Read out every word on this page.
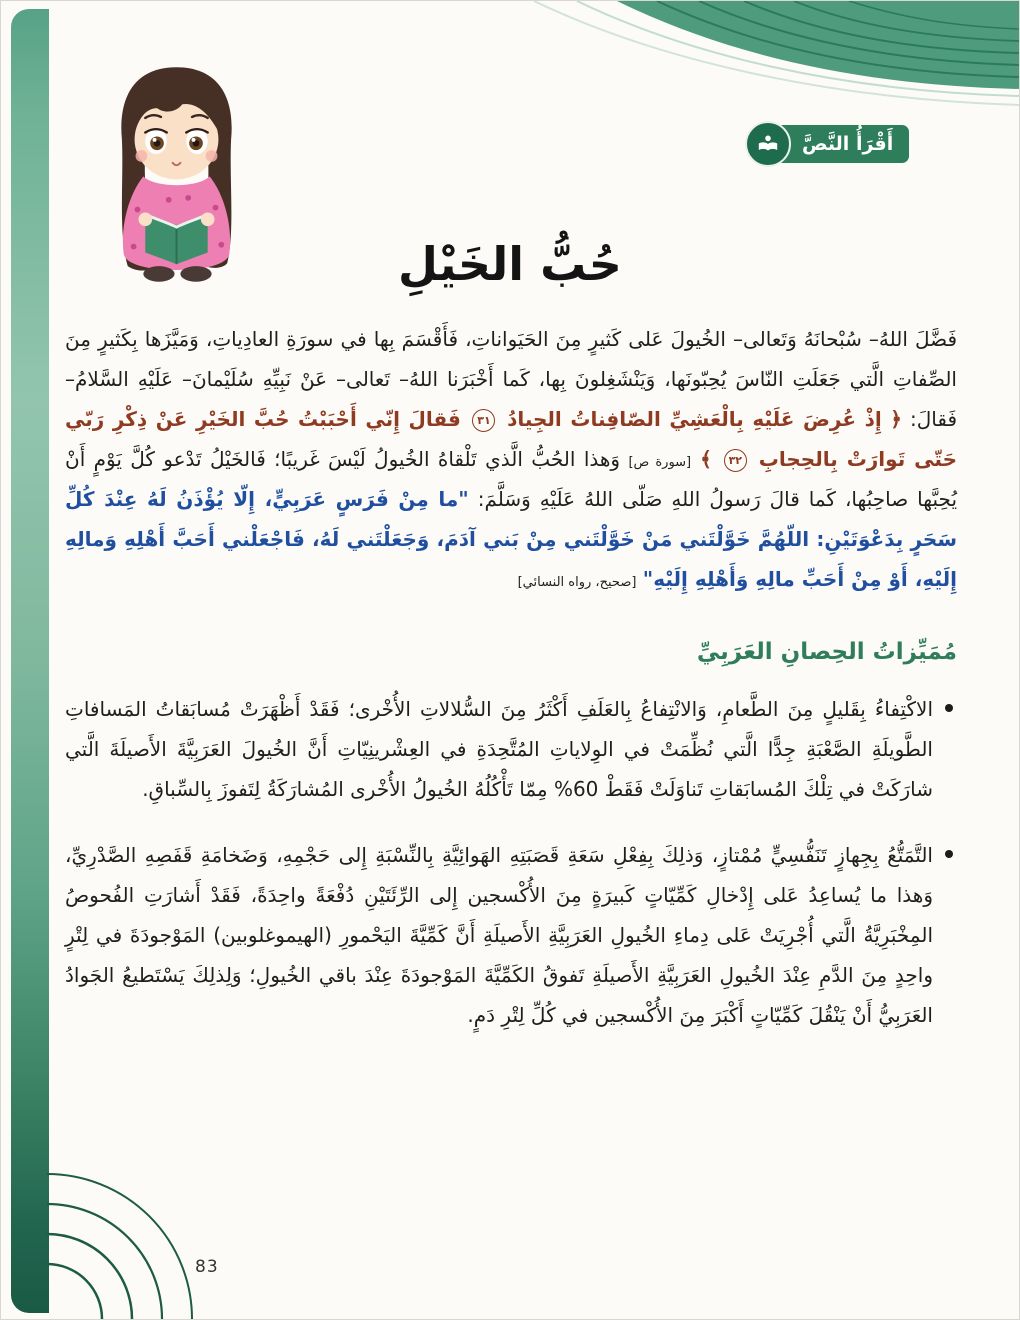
أَقْرَأُ النَّصَّ
حُبُّ الخَيْلِ

فَضَّلَ اللهُ– سُبْحانَهُ وَتَعالى– الخُيولَ عَلى كَثيرٍ مِنَ الحَيَواناتِ، فَأَقْسَمَ بِها في سورَةِ العادِياتِ، وَمَيَّزَها بِكَثيرٍ مِنَ الصِّفاتِ الَّتي جَعَلَتِ النّاسَ يُحِبّونَها، وَيَنْشَغِلونَ بِها، كَما أَخْبَرَنا اللهُ– تَعالى– عَنْ نَبِيِّهِ سُلَيْمانَ– عَلَيْهِ السَّلامُ– فَقالَ: ﴿ إِذْ عُرِضَ عَلَيْهِ بِالْعَشِيِّ الصّافِناتُ الجِيادُ ٣١ فَقالَ إِنّي أَحْبَبْتُ حُبَّ الخَيْرِ عَنْ ذِكْرِ رَبّي حَتّى تَوارَتْ بِالحِجابِ ٣٢ ﴾ [سورة ص] وَهذا الحُبُّ الَّذي تَلْقاهُ الخُيولُ لَيْسَ غَريبًا؛ فَالخَيْلُ تَدْعو كُلَّ يَوْمٍ أَنْ يُحِبَّها صاحِبُها، كَما قالَ رَسولُ اللهِ صَلّى اللهُ عَلَيْهِ وَسَلَّمَ: "ما مِنْ فَرَسٍ عَرَبِيٍّ، إِلّا يُؤْذَنُ لَهُ عِنْدَ كُلِّ سَحَرٍ بِدَعْوَتَيْنِ: اللّهُمَّ خَوَّلْتَني مَنْ خَوَّلْتَني مِنْ بَني آدَمَ، وَجَعَلْتَني لَهُ، فَاجْعَلْني أَحَبَّ أَهْلِهِ وَمالِهِ إِلَيْهِ، أَوْ مِنْ أَحَبِّ مالِهِ وَأَهْلِهِ إِلَيْهِ" [صحيح، رواه النسائي]

مُمَيِّزاتُ الحِصانِ العَرَبِيِّ
الاكْتِفاءُ بِقَليلٍ مِنَ الطَّعامِ، وَالانْتِفاعُ بِالعَلَفِ أَكْثَرُ مِنَ السُّلالاتِ الأُخْرى؛ فَقَدْ أَظْهَرَتْ مُسابَقاتُ المَسافاتِ الطَّويلَةِ الصَّعْبَةِ جِدًّا الَّتي نُظِّمَتْ في الوِلاياتِ المُتَّحِدَةِ في العِشْرينِيّاتِ أَنَّ الخُيولَ العَرَبِيَّةَ الأَصيلَةَ الَّتي شارَكَتْ في تِلْكَ المُسابَقاتِ تَناوَلَتْ فَقَطْ 60% مِمّا تَأْكُلُهُ الخُيولُ الأُخْرى المُشارَكَةُ لِتَفوزَ بِالسِّباقِ.
التَّمَتُّعُ بِجِهازٍ تَنَفُّسِيٍّ مُمْتازٍ، وَذلِكَ بِفِعْلِ سَعَةِ قَصَبَتِهِ الهَوائِيَّةِ بِالنِّسْبَةِ إِلى حَجْمِهِ، وَضَخامَةِ قَفَصِهِ الصَّدْرِيِّ، وَهذا ما يُساعِدُ عَلى إِدْخالِ كَمِّيّاتٍ كَبيرَةٍ مِنَ الأُكْسجين إِلى الرِّئَتَيْنِ دُفْعَةً واحِدَةً، فَقَدْ أَشارَتِ الفُحوصُ المِخْبَرِيَّةُ الَّتي أُجْرِيَتْ عَلى دِماءِ الخُيولِ العَرَبِيَّةِ الأَصيلَةِ أَنَّ كَمِّيَّةَ اليَحْمورِ (الهيموغلوبين) المَوْجودَةَ في لِتْرٍ واحِدٍ مِنَ الدَّمِ عِنْدَ الخُيولِ العَرَبِيَّةِ الأَصيلَةِ تَفوقُ الكَمِّيَّةَ المَوْجودَةَ عِنْدَ باقي الخُيولِ؛ وَلِذلِكَ يَسْتَطيعُ الجَوادُ العَرَبِيُّ أَنْ يَنْقُلَ كَمِّيّاتٍ أَكْبَرَ مِنَ الأُكْسجين في كُلِّ لِتْرِ دَمٍ.
83
